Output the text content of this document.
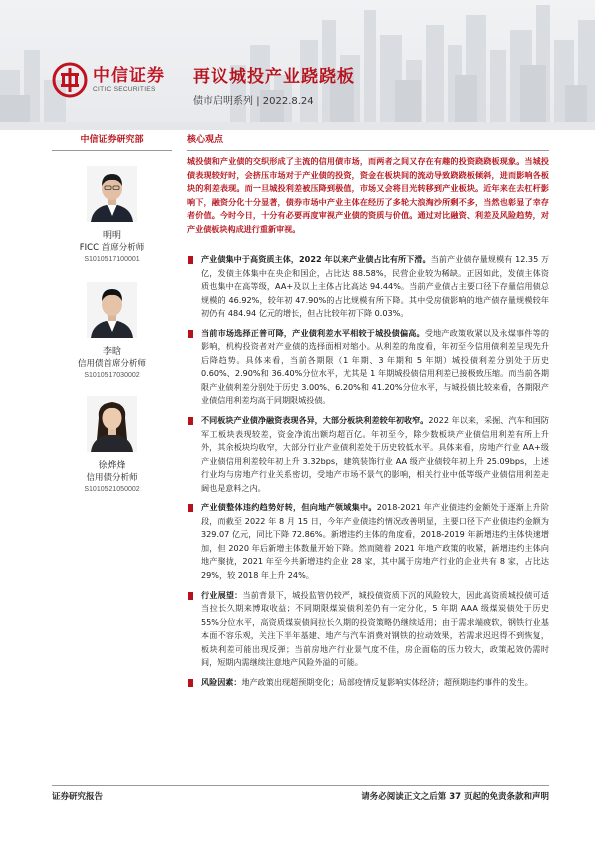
中信证券
CITIC SECURITIES
再议城投产业跷跷板
债市启明系列 | 2022.8.24
中信证券研究部
明明
FICC 首席分析师
S1010517100001
李晗
信用债首席分析师
S1010517030002
徐烨烽
信用债分析师
S1010521050002
核心观点
城投债和产业债的交织形成了主流的信用债市场，而两者之间又存在有趣的投资跷跷板现象。当城投债表现较好时，会挤压市场对于产业债的投资，资金在板块间的流动导致跷跷板倾斜，进而影响各板块的利差表现。而一旦城投利差被压降到极值，市场又会将目光转移到产业板块。近年来在去杠杆影响下，融资分化十分显著，债券市场中产业主体在经历了多轮大浪淘沙所剩不多，当然也彰显了幸存者价值。今时今日，十分有必要再度审视产业债的资质与价值。通过对比融资、利差及风险趋势，对产业债板块构成进行重新审视。
产业债集中于高资质主体，2022 年以来产业债占比有所下滑。当前产业债存量规模有 12.35 万亿，发债主体集中在央企和国企，占比达 88.58%，民营企业较为稀缺。正因如此，发债主体资质也集中在高等级，AA+及以上主体占比高达 94.44%。当前产业债占主要口径下存量信用债总规模的 46.92%，较年初 47.90%的占比规模有所下降。其中受房债影响的地产债存量规模较年初仍有 484.94 亿元的增长，但占比较年初下降 0.03%。
当前市场选择正普可降，产业债利差水平相较于城投债偏高。受地产政策收紧以及永煤事件等的影响，机构投资者对产业债的选择面相对缩小。从利差的角度看，年初至今信用债利差呈现先升后降趋势。具体来看，当前各期限（1 年期、3 年期和 5 年期）城投债利差分别处于历史 0.60%、2.90%和 36.40%分位水平，尤其是 1 年期城投债信用利差已接极致压缩。而当前各期限产业债利差分别处于历史 3.00%、6.20%和 41.20%分位水平，与城投债比较来看，各期限产业债信用利差均高于同期限城投债。
不同板块产业债净融资表现各异，大部分板块利差较年初收窄。2022 年以来，采掘、汽车和国防军工板块表现较差，资金净流出额均超百亿。年初至今，除少数板块产业债信用利差有所上升外，其余板块均收窄，大部分行业产业债利差处于历史较低水平。具体来看，房地产行业 AA+级产业债信用利差较年初上升 3.32bps，建筑装饰行业 AA 级产业债较年初上升 25.09bps，上述行业均与房地产行业关系密切，受地产市场不景气的影响，相关行业中低等级产业债信用利差走阔也是意料之内。
产业债整体违约趋势好转，但向地产领域集中。2018-2021 年产业债违约金额处于逐渐上升阶段，而截至 2022 年 8 月 15 日，今年产业债违约情况改善明显，主要口径下产业债违约金额为 329.07 亿元，同比下降 72.86%。新增违约主体的角度看，2018-2019 年新增违约主体快速增加，但 2020 年后新增主体数量开始下降。然而随着 2021 年地产政策的收紧，新增违约主体向地产聚拢，2021 年至今共新增违约企业 28 家，其中属于房地产行业的企业共有 8 家，占比达 29%，较 2018 年上升 24%。
行业展望：当前背景下，城投监管仍较严，城投债资质下沉的风险较大，因此高资质城投债可适当拉长久期来博取收益；不同期限煤炭债利差仍有一定分化，5 年期 AAA 级煤炭债处于历史 55%分位水平，高资质煤炭债间拉长久期的投资策略仍继续适用；由于需求端疲软，钢铁行业基本面不容乐观，关注下半年基建、地产与汽车消费对钢铁的拉动效果，若需求迟迟得不到恢复，板块利差可能出现反弹；当前房地产行业景气度不佳，房企面临的压力较大，政策起效仍需时间，短期内需继续注意地产风险外溢的可能。
风险因素：地产政策出现超预期变化；局部疫情反复影响实体经济；超预期违约事件的发生。
证券研究报告	请务必阅读正文之后第 37 页起的免责条款和声明
